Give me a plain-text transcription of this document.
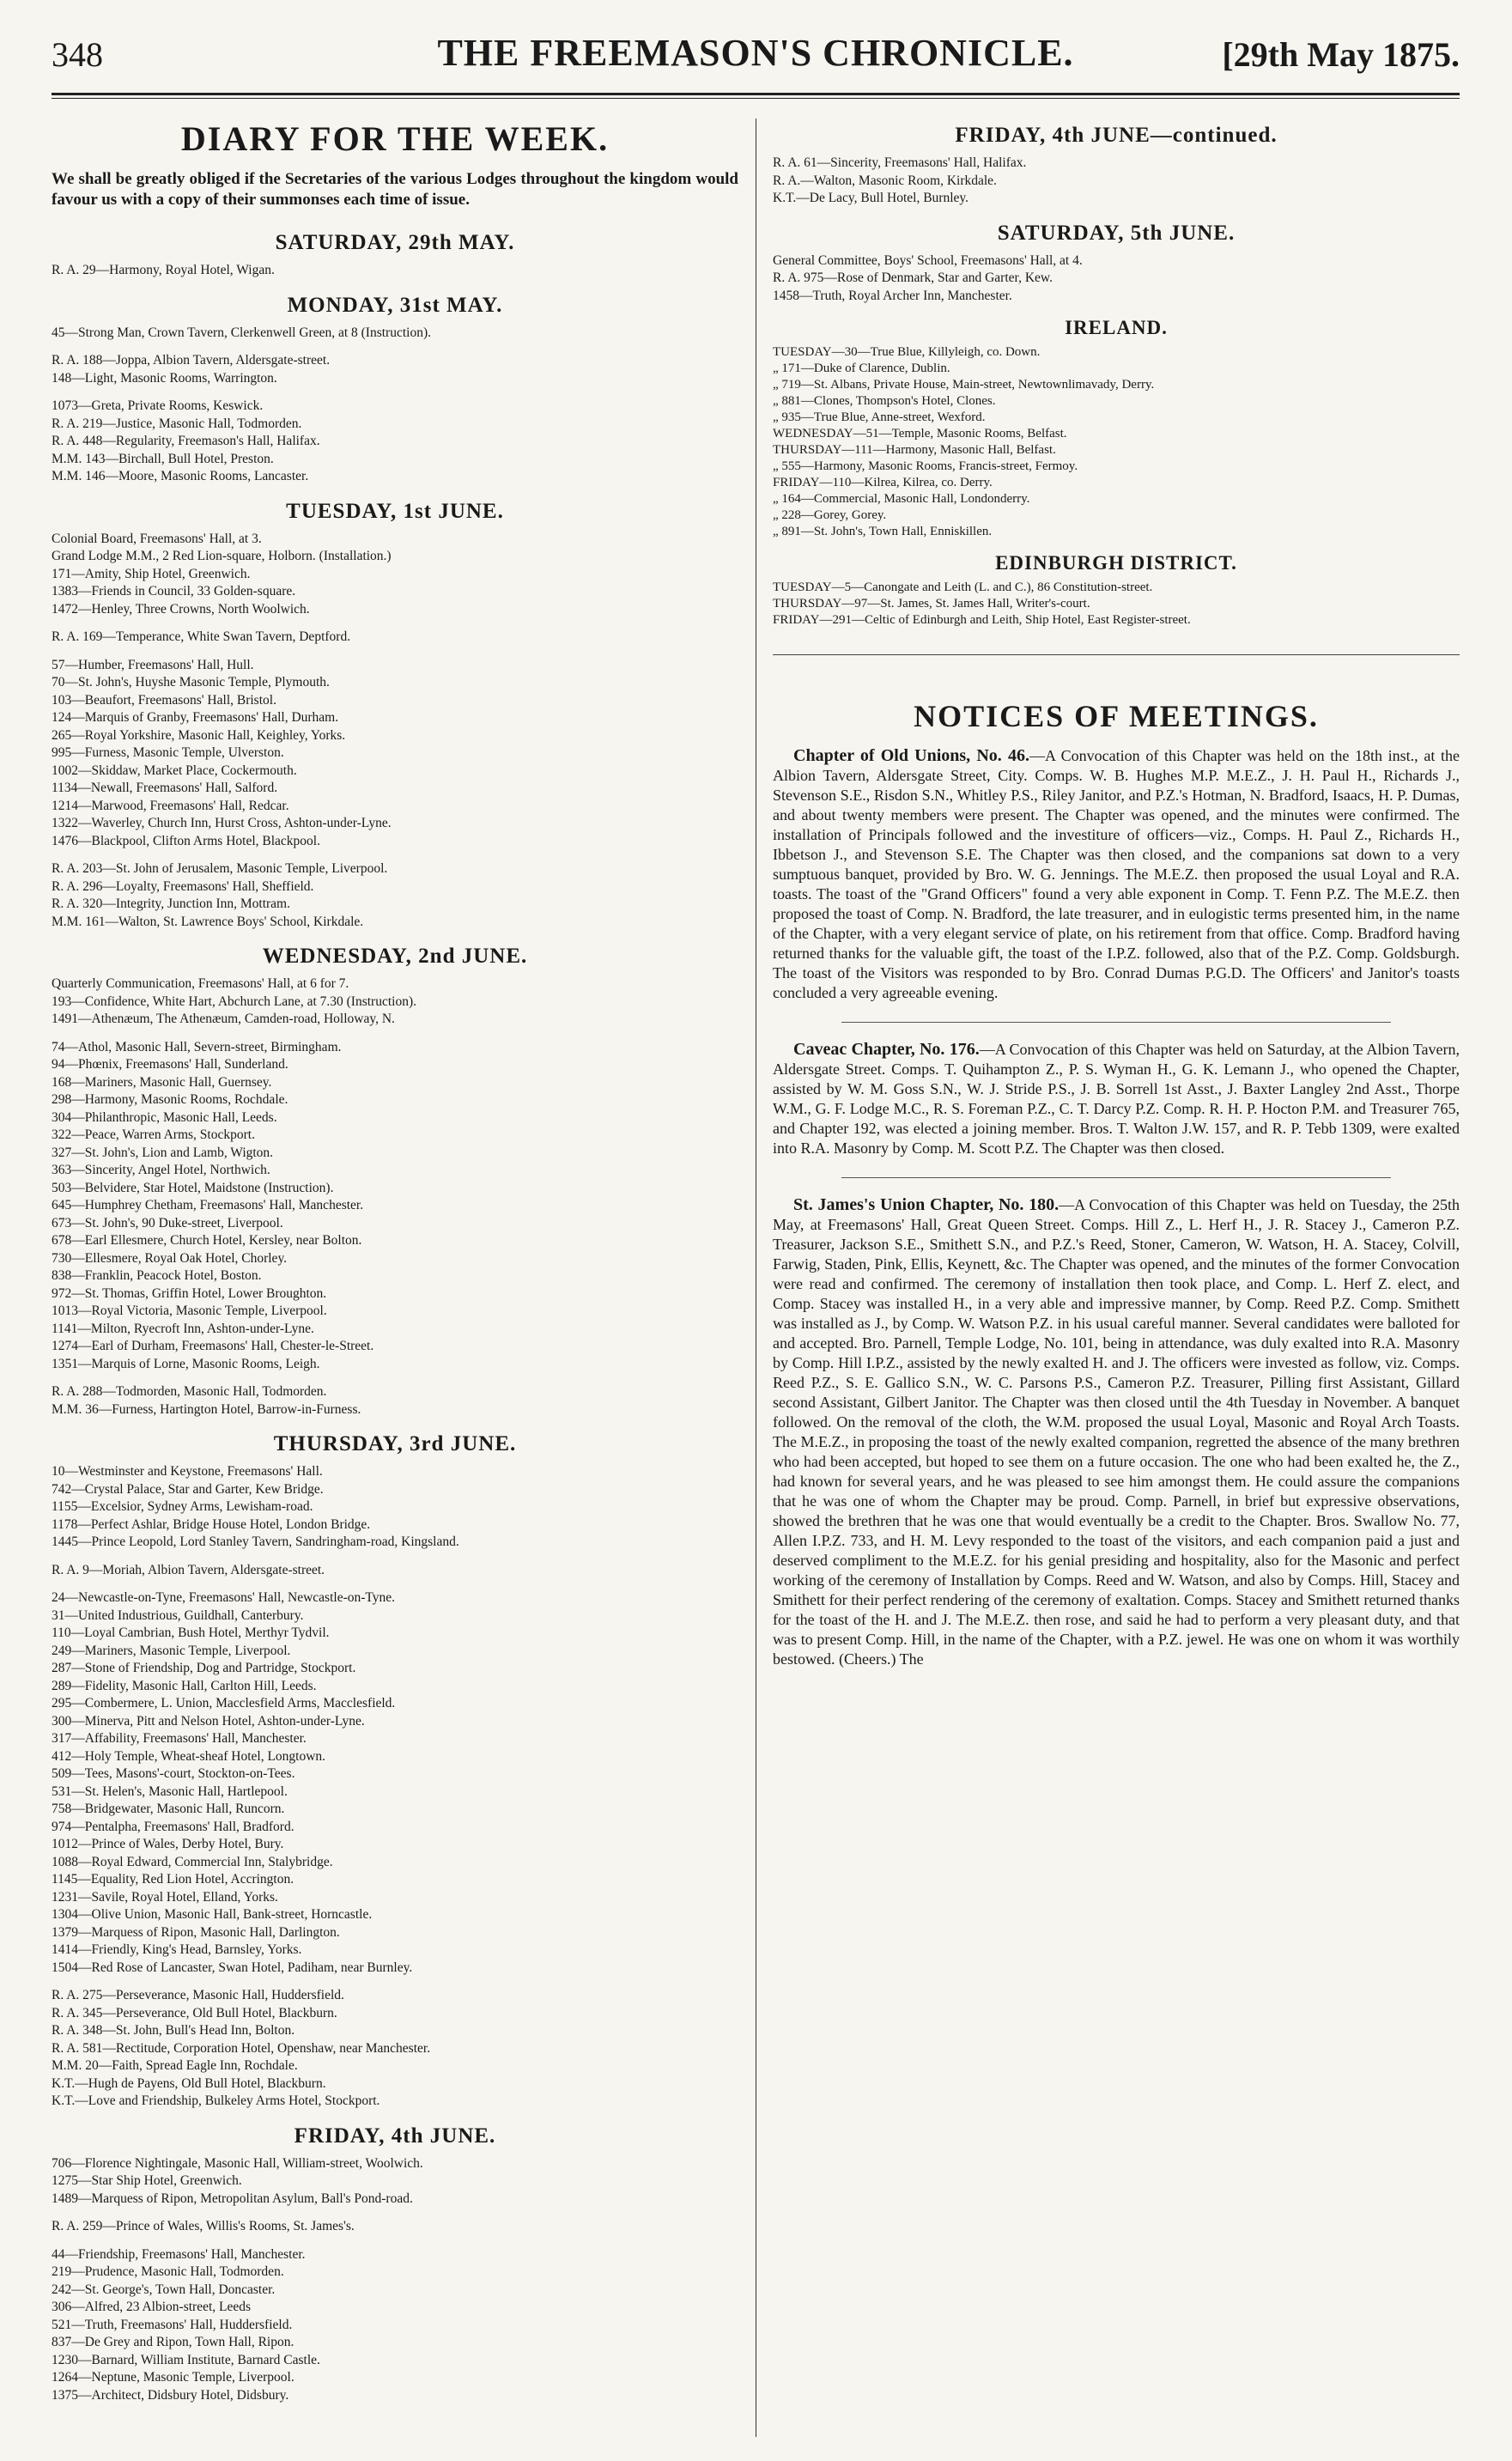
348	THE FREEMASON'S CHRONICLE.	[29th May 1875.
DIARY FOR THE WEEK.

We shall be greatly obliged if the Secretaries of the various Lodges throughout the kingdom would favour us with a copy of their summonses each time of issue.

SATURDAY, 29th MAY.

R. A. 29—Harmony, Royal Hotel, Wigan.

MONDAY, 31st MAY.

45—Strong Man, Crown Tavern, Clerkenwell Green, at 8 (Instruction).

R. A. 188—Joppa, Albion Tavern, Aldersgate-street.

148—Light, Masonic Rooms, Warrington.

1073—Greta, Private Rooms, Keswick.

R. A. 219—Justice, Masonic Hall, Todmorden.

R. A. 448—Regularity, Freemason's Hall, Halifax.

M.M. 143—Birchall, Bull Hotel, Preston.

M.M. 146—Moore, Masonic Rooms, Lancaster.

TUESDAY, 1st JUNE.

Colonial Board, Freemasons' Hall, at 3.

Grand Lodge M.M., 2 Red Lion-square, Holborn. (Installation.)

171—Amity, Ship Hotel, Greenwich.

1383—Friends in Council, 33 Golden-square.

1472—Henley, Three Crowns, North Woolwich.

R. A. 169—Temperance, White Swan Tavern, Deptford.

57—Humber, Freemasons' Hall, Hull.

70—St. John's, Huyshe Masonic Temple, Plymouth.

103—Beaufort, Freemasons' Hall, Bristol.

124—Marquis of Granby, Freemasons' Hall, Durham.

265—Royal Yorkshire, Masonic Hall, Keighley, Yorks.

995—Furness, Masonic Temple, Ulverston.

1002—Skiddaw, Market Place, Cockermouth.

1134—Newall, Freemasons' Hall, Salford.

1214—Marwood, Freemasons' Hall, Redcar.

1322—Waverley, Church Inn, Hurst Cross, Ashton-under-Lyne.

1476—Blackpool, Clifton Arms Hotel, Blackpool.

R. A. 203—St. John of Jerusalem, Masonic Temple, Liverpool.

R. A. 296—Loyalty, Freemasons' Hall, Sheffield.

R. A. 320—Integrity, Junction Inn, Mottram.

M.M. 161—Walton, St. Lawrence Boys' School, Kirkdale.

WEDNESDAY, 2nd JUNE.

Quarterly Communication, Freemasons' Hall, at 6 for 7.

193—Confidence, White Hart, Abchurch Lane, at 7.30 (Instruction).

1491—Athenæum, The Athenæum, Camden-road, Holloway, N.

74—Athol, Masonic Hall, Severn-street, Birmingham.

94—Phœnix, Freemasons' Hall, Sunderland.

168—Mariners, Masonic Hall, Guernsey.

298—Harmony, Masonic Rooms, Rochdale.

304—Philanthropic, Masonic Hall, Leeds.

322—Peace, Warren Arms, Stockport.

327—St. John's, Lion and Lamb, Wigton.

363—Sincerity, Angel Hotel, Northwich.

503—Belvidere, Star Hotel, Maidstone (Instruction).

645—Humphrey Chetham, Freemasons' Hall, Manchester.

673—St. John's, 90 Duke-street, Liverpool.

678—Earl Ellesmere, Church Hotel, Kersley, near Bolton.

730—Ellesmere, Royal Oak Hotel, Chorley.

838—Franklin, Peacock Hotel, Boston.

972—St. Thomas, Griffin Hotel, Lower Broughton.

1013—Royal Victoria, Masonic Temple, Liverpool.

1141—Milton, Ryecroft Inn, Ashton-under-Lyne.

1274—Earl of Durham, Freemasons' Hall, Chester-le-Street.

1351—Marquis of Lorne, Masonic Rooms, Leigh.

R. A. 288—Todmorden, Masonic Hall, Todmorden.

M.M. 36—Furness, Hartington Hotel, Barrow-in-Furness.

THURSDAY, 3rd JUNE.

10—Westminster and Keystone, Freemasons' Hall.

742—Crystal Palace, Star and Garter, Kew Bridge.

1155—Excelsior, Sydney Arms, Lewisham-road.

1178—Perfect Ashlar, Bridge House Hotel, London Bridge.

1445—Prince Leopold, Lord Stanley Tavern, Sandringham-road, Kingsland.

R. A. 9—Moriah, Albion Tavern, Aldersgate-street.

24—Newcastle-on-Tyne, Freemasons' Hall, Newcastle-on-Tyne.

31—United Industrious, Guildhall, Canterbury.

110—Loyal Cambrian, Bush Hotel, Merthyr Tydvil.

249—Mariners, Masonic Temple, Liverpool.

287—Stone of Friendship, Dog and Partridge, Stockport.

289—Fidelity, Masonic Hall, Carlton Hill, Leeds.

295—Combermere, L. Union, Macclesfield Arms, Macclesfield.

300—Minerva, Pitt and Nelson Hotel, Ashton-under-Lyne.

317—Affability, Freemasons' Hall, Manchester.

412—Holy Temple, Wheat-sheaf Hotel, Longtown.

509—Tees, Masons'-court, Stockton-on-Tees.

531—St. Helen's, Masonic Hall, Hartlepool.

758—Bridgewater, Masonic Hall, Runcorn.

974—Pentalpha, Freemasons' Hall, Bradford.

1012—Prince of Wales, Derby Hotel, Bury.

1088—Royal Edward, Commercial Inn, Stalybridge.

1145—Equality, Red Lion Hotel, Accrington.

1231—Savile, Royal Hotel, Elland, Yorks.

1304—Olive Union, Masonic Hall, Bank-street, Horncastle.

1379—Marquess of Ripon, Masonic Hall, Darlington.

1414—Friendly, King's Head, Barnsley, Yorks.

1504—Red Rose of Lancaster, Swan Hotel, Padiham, near Burnley.

R. A. 275—Perseverance, Masonic Hall, Huddersfield.

R. A. 345—Perseverance, Old Bull Hotel, Blackburn.

R. A. 348—St. John, Bull's Head Inn, Bolton.

R. A. 581—Rectitude, Corporation Hotel, Openshaw, near Manchester.

M.M. 20—Faith, Spread Eagle Inn, Rochdale.

K.T.—Hugh de Payens, Old Bull Hotel, Blackburn.

K.T.—Love and Friendship, Bulkeley Arms Hotel, Stockport.

FRIDAY, 4th JUNE.

706—Florence Nightingale, Masonic Hall, William-street, Woolwich.

1275—Star Ship Hotel, Greenwich.

1489—Marquess of Ripon, Metropolitan Asylum, Ball's Pond-road.

R. A. 259—Prince of Wales, Willis's Rooms, St. James's.

44—Friendship, Freemasons' Hall, Manchester.

219—Prudence, Masonic Hall, Todmorden.

242—St. George's, Town Hall, Doncaster.

306—Alfred, 23 Albion-street, Leeds

521—Truth, Freemasons' Hall, Huddersfield.

837—De Grey and Ripon, Town Hall, Ripon.

1230—Barnard, William Institute, Barnard Castle.

1264—Neptune, Masonic Temple, Liverpool.

1375—Architect, Didsbury Hotel, Didsbury.

FRIDAY, 4th JUNE—continued.

R. A. 61—Sincerity, Freemasons' Hall, Halifax.

R. A.—Walton, Masonic Room, Kirkdale.

K.T.—De Lacy, Bull Hotel, Burnley.

SATURDAY, 5th JUNE.

General Committee, Boys' School, Freemasons' Hall, at 4.

R. A. 975—Rose of Denmark, Star and Garter, Kew.

1458—Truth, Royal Archer Inn, Manchester.

IRELAND.

TUESDAY—30—True Blue, Killyleigh, co. Down.

„ 171—Duke of Clarence, Dublin.

„ 719—St. Albans, Private House, Main-street, Newtownlimavady, Derry.

„ 881—Clones, Thompson's Hotel, Clones.

„ 935—True Blue, Anne-street, Wexford.

WEDNESDAY—51—Temple, Masonic Rooms, Belfast.

THURSDAY—111—Harmony, Masonic Hall, Belfast.

„ 555—Harmony, Masonic Rooms, Francis-street, Fermoy.

FRIDAY—110—Kilrea, Kilrea, co. Derry.

„ 164—Commercial, Masonic Hall, Londonderry.

„ 228—Gorey, Gorey.

„ 891—St. John's, Town Hall, Enniskillen.

EDINBURGH DISTRICT.

TUESDAY—5—Canongate and Leith (L. and C.), 86 Constitution-street.

THURSDAY—97—St. James, St. James Hall, Writer's-court.

FRIDAY—291—Celtic of Edinburgh and Leith, Ship Hotel, East Register-street.

NOTICES OF MEETINGS.

Chapter of Old Unions, No. 46.—A Convocation of this Chapter was held on the 18th inst., at the Albion Tavern, Aldersgate Street, City. Comps. W. B. Hughes M.P. M.E.Z., J. H. Paul H., Richards J., Stevenson S.E., Risdon S.N., Whitley P.S., Riley Janitor, and P.Z.'s Hotman, N. Bradford, Isaacs, H. P. Dumas, and about twenty members were present. The Chapter was opened, and the minutes were confirmed. The installation of Principals followed and the investiture of officers—viz., Comps. H. Paul Z., Richards H., Ibbetson J., and Stevenson S.E. The Chapter was then closed, and the companions sat down to a very sumptuous banquet, provided by Bro. W. G. Jennings. The M.E.Z. then proposed the usual Loyal and R.A. toasts. The toast of the "Grand Officers" found a very able exponent in Comp. T. Fenn P.Z. The M.E.Z. then proposed the toast of Comp. N. Bradford, the late treasurer, and in eulogistic terms presented him, in the name of the Chapter, with a very elegant service of plate, on his retirement from that office. Comp. Bradford having returned thanks for the valuable gift, the toast of the I.P.Z. followed, also that of the P.Z. Comp. Goldsburgh. The toast of the Visitors was responded to by Bro. Conrad Dumas P.G.D. The Officers' and Janitor's toasts concluded a very agreeable evening.

Caveac Chapter, No. 176.—A Convocation of this Chapter was held on Saturday, at the Albion Tavern, Aldersgate Street. Comps. T. Quihampton Z., P. S. Wyman H., G. K. Lemann J., who opened the Chapter, assisted by W. M. Goss S.N., W. J. Stride P.S., J. B. Sorrell 1st Asst., J. Baxter Langley 2nd Asst., Thorpe W.M., G. F. Lodge M.C., R. S. Foreman P.Z., C. T. Darcy P.Z. Comp. R. H. P. Hocton P.M. and Treasurer 765, and Chapter 192, was elected a joining member. Bros. T. Walton J.W. 157, and R. P. Tebb 1309, were exalted into R.A. Masonry by Comp. M. Scott P.Z. The Chapter was then closed.

St. James's Union Chapter, No. 180.—A Convocation of this Chapter was held on Tuesday, the 25th May, at Freemasons' Hall, Great Queen Street. Comps. Hill Z., L. Herf H., J. R. Stacey J., Cameron P.Z. Treasurer, Jackson S.E., Smithett S.N., and P.Z.'s Reed, Stoner, Cameron, W. Watson, H. A. Stacey, Colvill, Farwig, Staden, Pink, Ellis, Keynett, &c. The Chapter was opened, and the minutes of the former Convocation were read and confirmed. The ceremony of installation then took place, and Comp. L. Herf Z. elect, and Comp. Stacey was installed H., in a very able and impressive manner, by Comp. Reed P.Z. Comp. Smithett was installed as J., by Comp. W. Watson P.Z. in his usual careful manner. Several candidates were balloted for and accepted. Bro. Parnell, Temple Lodge, No. 101, being in attendance, was duly exalted into R.A. Masonry by Comp. Hill I.P.Z., assisted by the newly exalted H. and J. The officers were invested as follow, viz. Comps. Reed P.Z., S. E. Gallico S.N., W. C. Parsons P.S., Cameron P.Z. Treasurer, Pilling first Assistant, Gillard second Assistant, Gilbert Janitor. The Chapter was then closed until the 4th Tuesday in November. A banquet followed. On the removal of the cloth, the W.M. proposed the usual Loyal, Masonic and Royal Arch Toasts. The M.E.Z., in proposing the toast of the newly exalted companion, regretted the absence of the many brethren who had been accepted, but hoped to see them on a future occasion. The one who had been exalted he, the Z., had known for several years, and he was pleased to see him amongst them. He could assure the companions that he was one of whom the Chapter may be proud. Comp. Parnell, in brief but expressive observations, showed the brethren that he was one that would eventually be a credit to the Chapter. Bros. Swallow No. 77, Allen I.P.Z. 733, and H. M. Levy responded to the toast of the visitors, and each companion paid a just and deserved compliment to the M.E.Z. for his genial presiding and hospitality, also for the Masonic and perfect working of the ceremony of Installation by Comps. Reed and W. Watson, and also by Comps. Hill, Stacey and Smithett for their perfect rendering of the ceremony of exaltation. Comps. Stacey and Smithett returned thanks for the toast of the H. and J. The M.E.Z. then rose, and said he had to perform a very pleasant duty, and that was to present Comp. Hill, in the name of the Chapter, with a P.Z. jewel. He was one on whom it was worthily bestowed. (Cheers.) The
